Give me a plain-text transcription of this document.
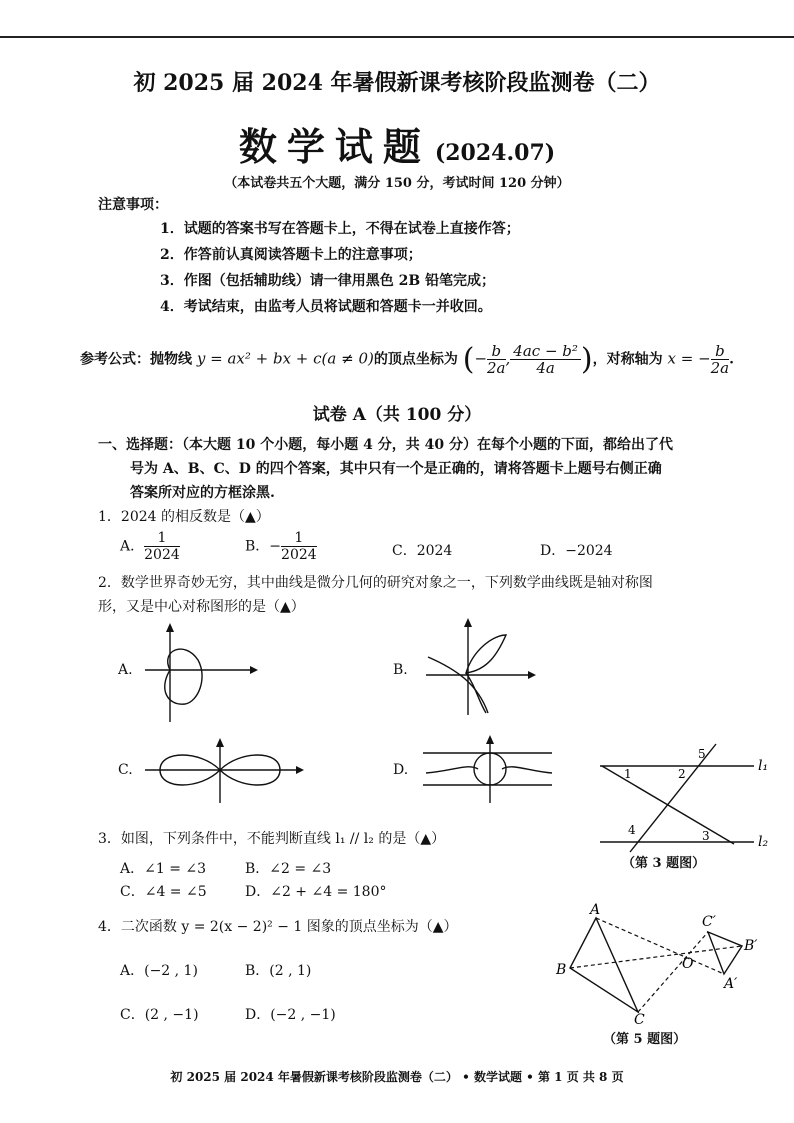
初 2025 届 2024 年暑假新课考核阶段监测卷（二）
数学试题 (2024.07)
（本试卷共五个大题，满分 150 分，考试时间 120 分钟）
注意事项：
1．试题的答案书写在答题卡上，不得在试卷上直接作答；
2．作答前认真阅读答题卡上的注意事项；
3．作图（包括辅助线）请一律用黑色 2B 铅笔完成；
4．考试结束，由监考人员将试题和答题卡一并收回。
参考公式：抛物线 y = ax² + bx + c(a ≠ 0)的顶点坐标为 (− $\frac{b}{2a}$ , $\frac{\text{4ac − b²}}{4a}$ )，对称轴为 x = − $\frac{b}{2a}$ .
试卷 A（共 100 分）
一、选择题：（本大题 10 个小题，每小题 4 分，共 40 分）在每个小题的下面，都给出了代
号为 A、B、C、D 的四个答案，其中只有一个是正确的，请将答题卡上题号右侧正确
答案所对应的方框涂黑.
1．2024 的相反数是（▲）
A． $\frac{1}{2024}$	B．− $\frac{1}{2024}$	C．2024	D．−2024
2．数学世界奇妙无穷，其中曲线是微分几何的研究对象之一，下列数学曲线既是轴对称图
形，又是中心对称图形的是（▲）
A.	B.
C.	D.	l₁
l₂
1	2
5
3
4
（第 3 题图）
3．如图，下列条件中，不能判断直线 l₁ // l₂ 的是（▲）
A．∠1 = ∠3	B．∠2 = ∠3
C．∠4 = ∠5	D．∠2 + ∠4 = 180°
4．二次函数 y = 2(x − 2)² − 1 图象的顶点坐标为（▲）
A．(−2 , 1)	B．(2 , 1)
C．(2 , −1)	D．(−2 , −1)
A
B
C
O
C′
B′
A′
（第 5 题图）
初 2025 届 2024 年暑假新课考核阶段监测卷（二） • 数学试题 • 第 1 页 共 8 页
